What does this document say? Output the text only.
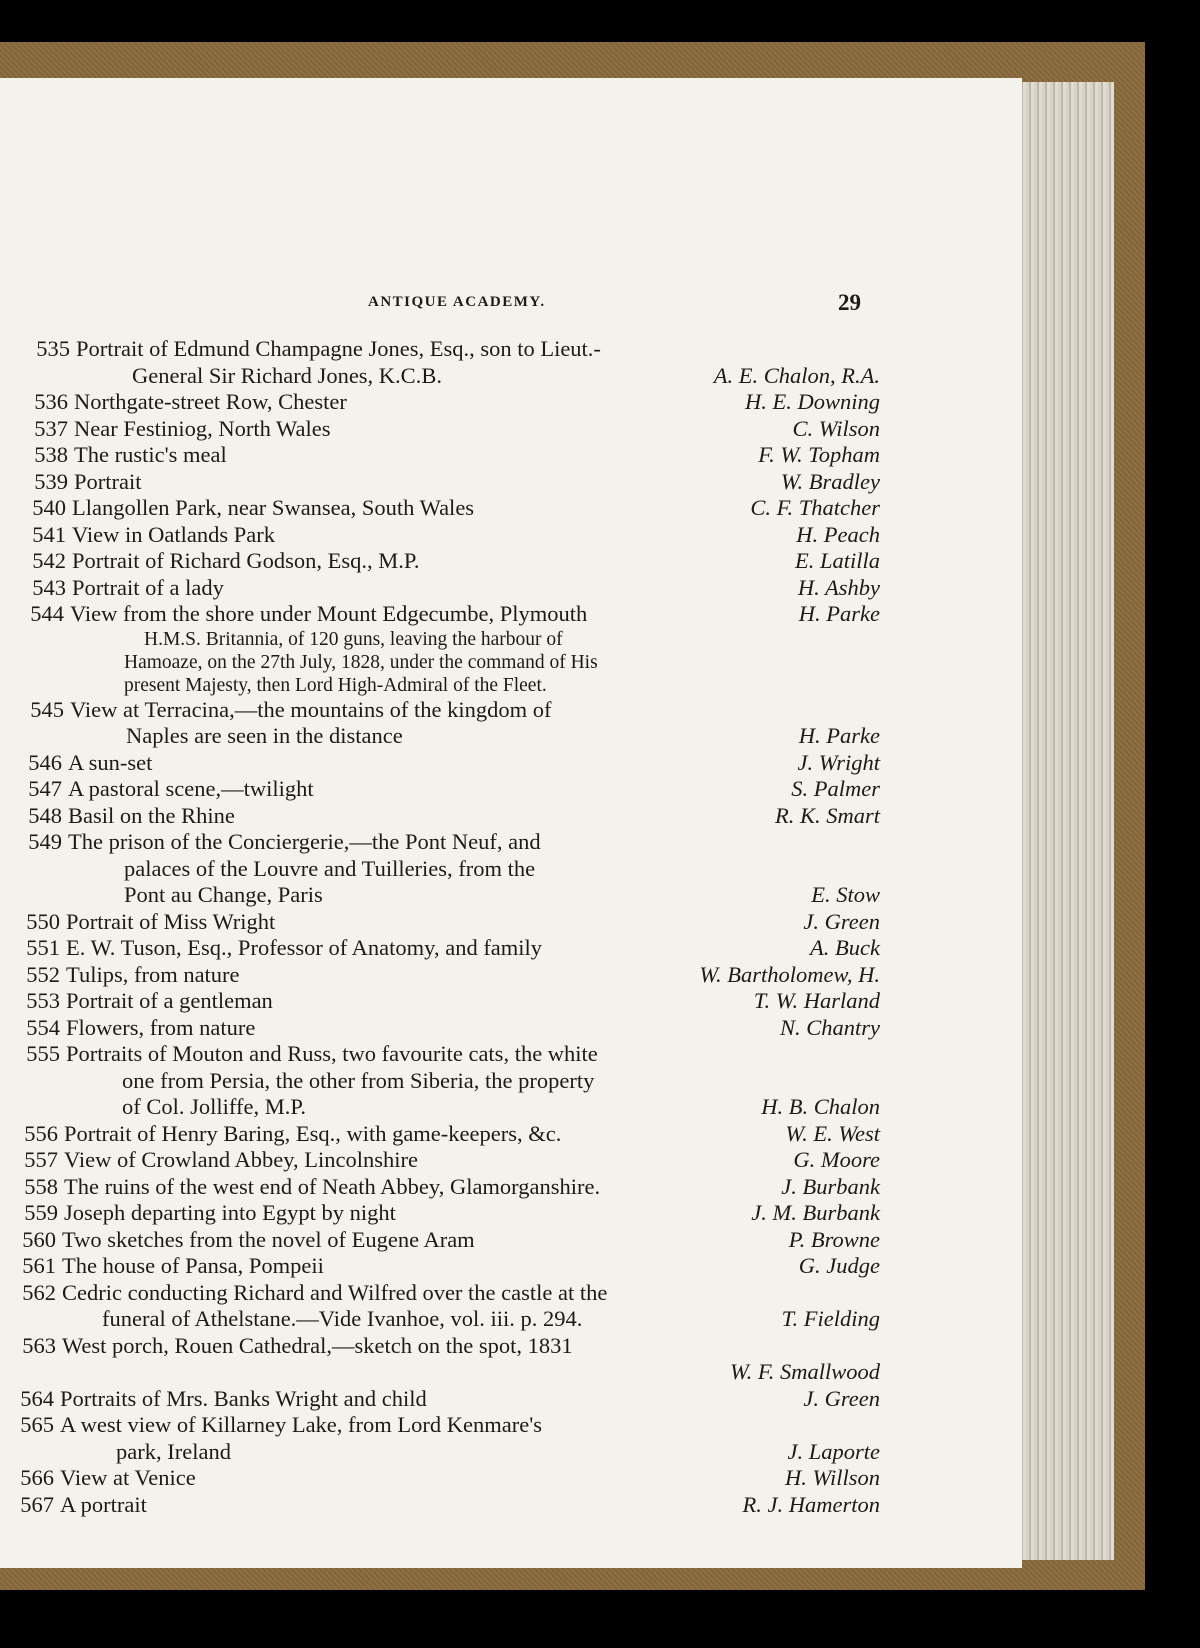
ANTIQUE ACADEMY.	29
535 Portrait of Edmund Champagne Jones, Esq., son to Lieut.-
General Sir Richard Jones, K.C.B.	A. E. Chalon, R.A.
536 Northgate-street Row, Chester	H. E. Downing
537 Near Festiniog, North Wales	C. Wilson
538 The rustic's meal	F. W. Topham
539 Portrait	W. Bradley
540 Llangollen Park, near Swansea, South Wales	C. F. Thatcher
541 View in Oatlands Park	H. Peach
542 Portrait of Richard Godson, Esq., M.P.	E. Latilla
543 Portrait of a lady	H. Ashby
544 View from the shore under Mount Edgecumbe, Plymouth	H. Parke
H.M.S. Britannia, of 120 guns, leaving the harbour of
Hamoaze, on the 27th July, 1828, under the command of His
present Majesty, then Lord High-Admiral of the Fleet.
545 View at Terracina,—the mountains of the kingdom of
Naples are seen in the distance	H. Parke
546 A sun-set	J. Wright
547 A pastoral scene,—twilight	S. Palmer
548 Basil on the Rhine	R. K. Smart
549 The prison of the Conciergerie,—the Pont Neuf, and
palaces of the Louvre and Tuilleries, from the
Pont au Change, Paris	E. Stow
550 Portrait of Miss Wright	J. Green
551 E. W. Tuson, Esq., Professor of Anatomy, and family	A. Buck
552 Tulips, from nature	W. Bartholomew, H.
553 Portrait of a gentleman	T. W. Harland
554 Flowers, from nature	N. Chantry
555 Portraits of Mouton and Russ, two favourite cats, the white
one from Persia, the other from Siberia, the property
of Col. Jolliffe, M.P.	H. B. Chalon
556 Portrait of Henry Baring, Esq., with game-keepers, &c.	W. E. West
557 View of Crowland Abbey, Lincolnshire	G. Moore
558 The ruins of the west end of Neath Abbey, Glamorganshire.	J. Burbank
559 Joseph departing into Egypt by night	J. M. Burbank
560 Two sketches from the novel of Eugene Aram	P. Browne
561 The house of Pansa, Pompeii	G. Judge
562 Cedric conducting Richard and Wilfred over the castle at the
funeral of Athelstane.—Vide Ivanhoe, vol. iii. p. 294.	T. Fielding
563 West porch, Rouen Cathedral,—sketch on the spot, 1831
W. F. Smallwood
564 Portraits of Mrs. Banks Wright and child	J. Green
565 A west view of Killarney Lake, from Lord Kenmare's
park, Ireland	J. Laporte
566 View at Venice	H. Willson
567 A portrait	R. J. Hamerton
